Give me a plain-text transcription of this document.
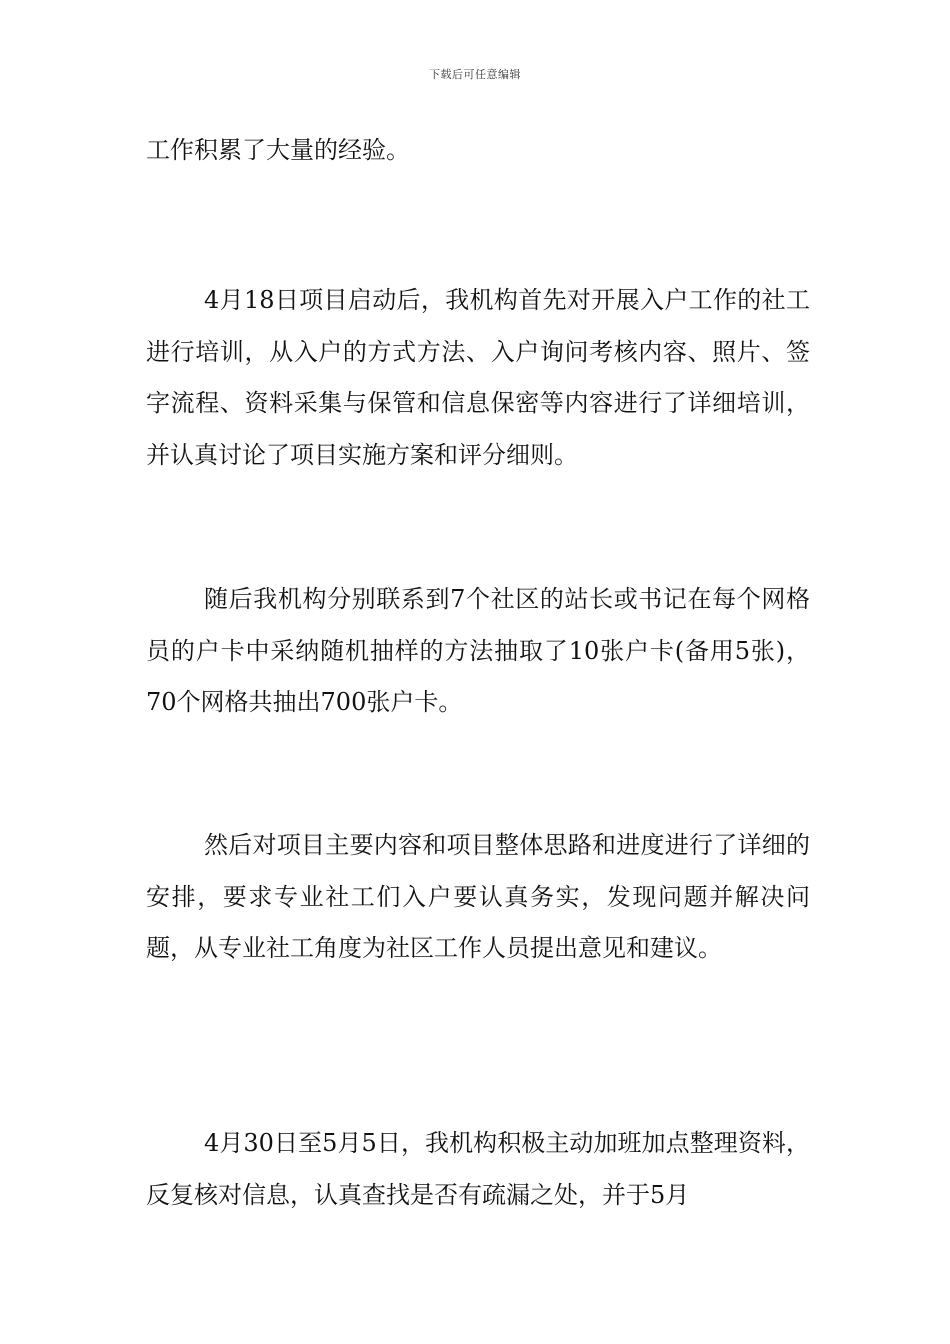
下载后可任意编辑

工作积累了大量的经验。

4月18日项目启动后，我机构首先对开展入户工作的社工进行培训，从入户的方式方法、入户询问考核内容、照片、签字流程、资料采集与保管和信息保密等内容进行了详细培训，并认真讨论了项目实施方案和评分细则。

随后我机构分别联系到7个社区的站长或书记在每个网格员的户卡中采纳随机抽样的方法抽取了10张户卡(备用5张)，70个网格共抽出700张户卡。

然后对项目主要内容和项目整体思路和进度进行了详细的安排，要求专业社工们入户要认真务实，发现问题并解决问题，从专业社工角度为社区工作人员提出意见和建议。

4月30日至5月5日，我机构积极主动加班加点整理资料，反复核对信息，认真查找是否有疏漏之处，并于5月
